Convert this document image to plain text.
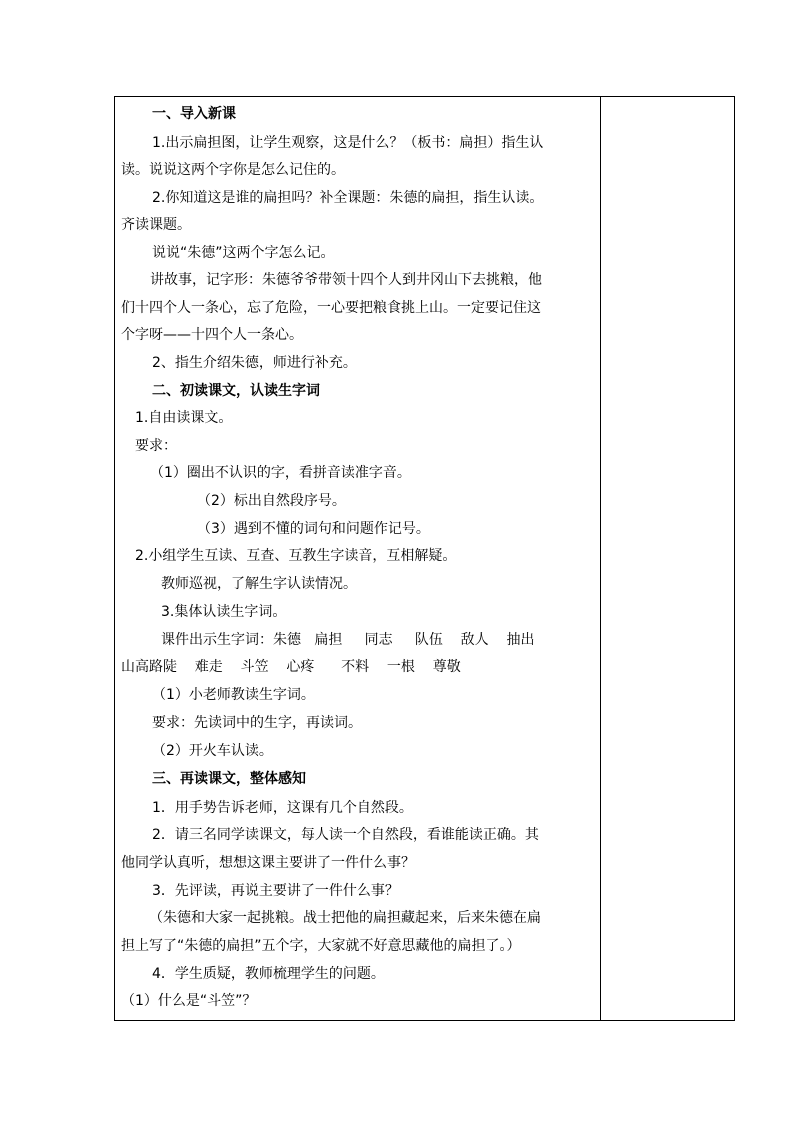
一、导入新课
1.出示扁担图，让学生观察，这是什么？（板书：扁担）指生认
读。说说这两个字你是怎么记住的。
2.你知道这是谁的扁担吗？补全课题：朱德的扁担，指生认读。
齐读课题。
说说“朱德”这两个字怎么记。
讲故事，记字形：朱德爷爷带领十四个人到井冈山下去挑粮，他
们十四个人一条心，忘了危险，一心要把粮食挑上山。一定要记住这
个字呀——十四个人一条心。
2、指生介绍朱德，师进行补充。
二、初读课文，认读生字词
1.自由读课文。
要求：
（1）圈出不认识的字，看拼音读准字音。
（2）标出自然段序号。
（3）遇到不懂的词句和问题作记号。
2.小组学生互读、互查、互教生字读音，互相解疑。
教师巡视，了解生字认读情况。
3.集体认读生字词。
课件出示生字词：朱德   扁担     同志     队伍    敌人    抽出
山高路陡    难走    斗笠    心疼      不料    一根    尊敬
（1）小老师教读生字词。
要求：先读词中的生字，再读词。
（2）开火车认读。
三、再读课文，整体感知
1．用手势告诉老师，这课有几个自然段。
2．请三名同学读课文，每人读一个自然段，看谁能读正确。其
他同学认真听，想想这课主要讲了一件什么事？
3．先评读，再说主要讲了一件什么事？
（朱德和大家一起挑粮。战士把他的扁担藏起来，后来朱德在扁
担上写了“朱德的扁担”五个字，大家就不好意思藏他的扁担了。）
4．学生质疑，教师梳理学生的问题。
（1）什么是“斗笠”？
